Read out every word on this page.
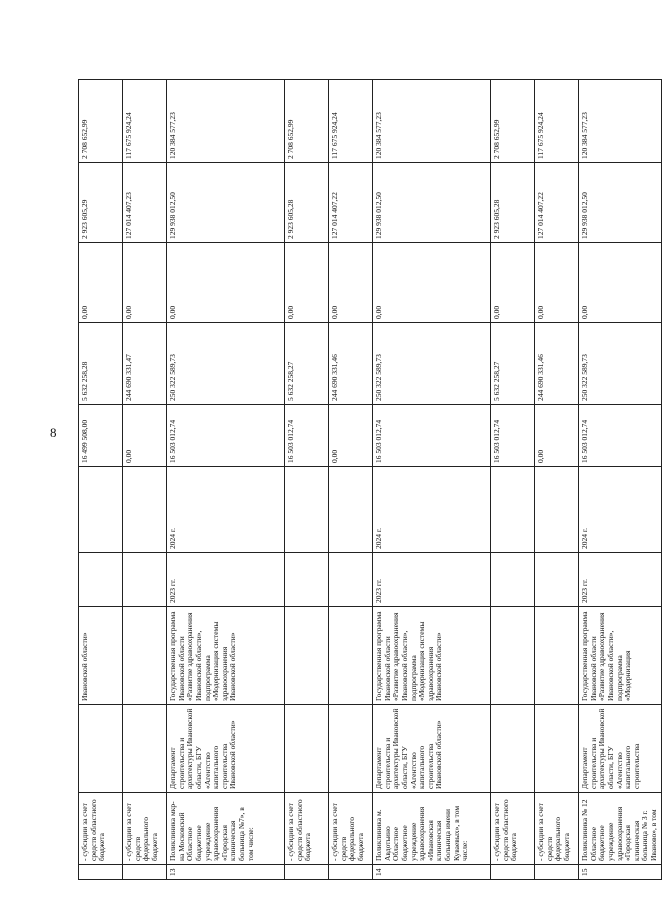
8
	- субсидии за счет средств областного бюджета		Ивановской области»			16 499 508,00	5 632 258,28	0,00	2 923 605,29	2 708 652,99
	- субсидии за счет средств федерального бюджета					0,00	244 690 331,47	0,00	127 014 407,23	117 675 924,24
13	Поликлиника мкр-на Московский Областное бюджетное учреждение здравоохранения «Городская клиническая больница №7», в том числе:	Департамент строительства и архитектуры Ивановской области, БГУ «Агентство капитального строительства Ивановской области»	Государственная программа Ивановской области «Развитие здравоохранения Ивановской области», подпрограмма «Модернизация системы здравоохранения Ивановской области»	2023 гг.	2024 г.	16 503 012,74	250 322 589,73	0,00	129 938 012,50	120 384 577,23
	- субсидии за счет средств областного бюджета					16 503 012,74	5 632 258,27	0,00	2 923 605,28	2 708 652,99
	- субсидии за счет средств федерального бюджета					0,00	244 690 331,46	0,00	127 014 407,22	117 675 924,24
14	Поликлиника м. Авдотьино Областное бюджетное учреждение здравоохранения «Ивановская клиническая больница имени Куваевых», в том числе:	Департамент строительства и архитектуры Ивановской области, БГУ «Агентство капитального строительства Ивановской области»	Государственная программа Ивановской области «Развитие здравоохранения Ивановской области», подпрограмма «Модернизация системы здравоохранения Ивановской области»	2023 гг.	2024 г.	16 503 012,74	250 322 589,73	0,00	129 938 012,50	120 384 577,23
	- субсидии за счет средств областного бюджета					16 503 012,74	5 632 258,27	0,00	2 923 605,28	2 708 652,99
	- субсидии за счет средств федерального бюджета					0,00	244 690 331,46	0,00	127 014 407,22	117 675 924,24
15	Поликлиника № 12 Областное бюджетное учреждение здравоохранения «Городская клиническая больница № 3 г. Иваново», в том	Департамент строительства и архитектуры Ивановской области, БГУ «Агентство капитального строительства	Государственная программа Ивановской области «Развитие здравоохранения Ивановской области», подпрограмма «Модернизация	2023 гг.	2024 г.	16 503 012,74	250 322 589,73	0,00	129 938 012,50	120 384 577,23
